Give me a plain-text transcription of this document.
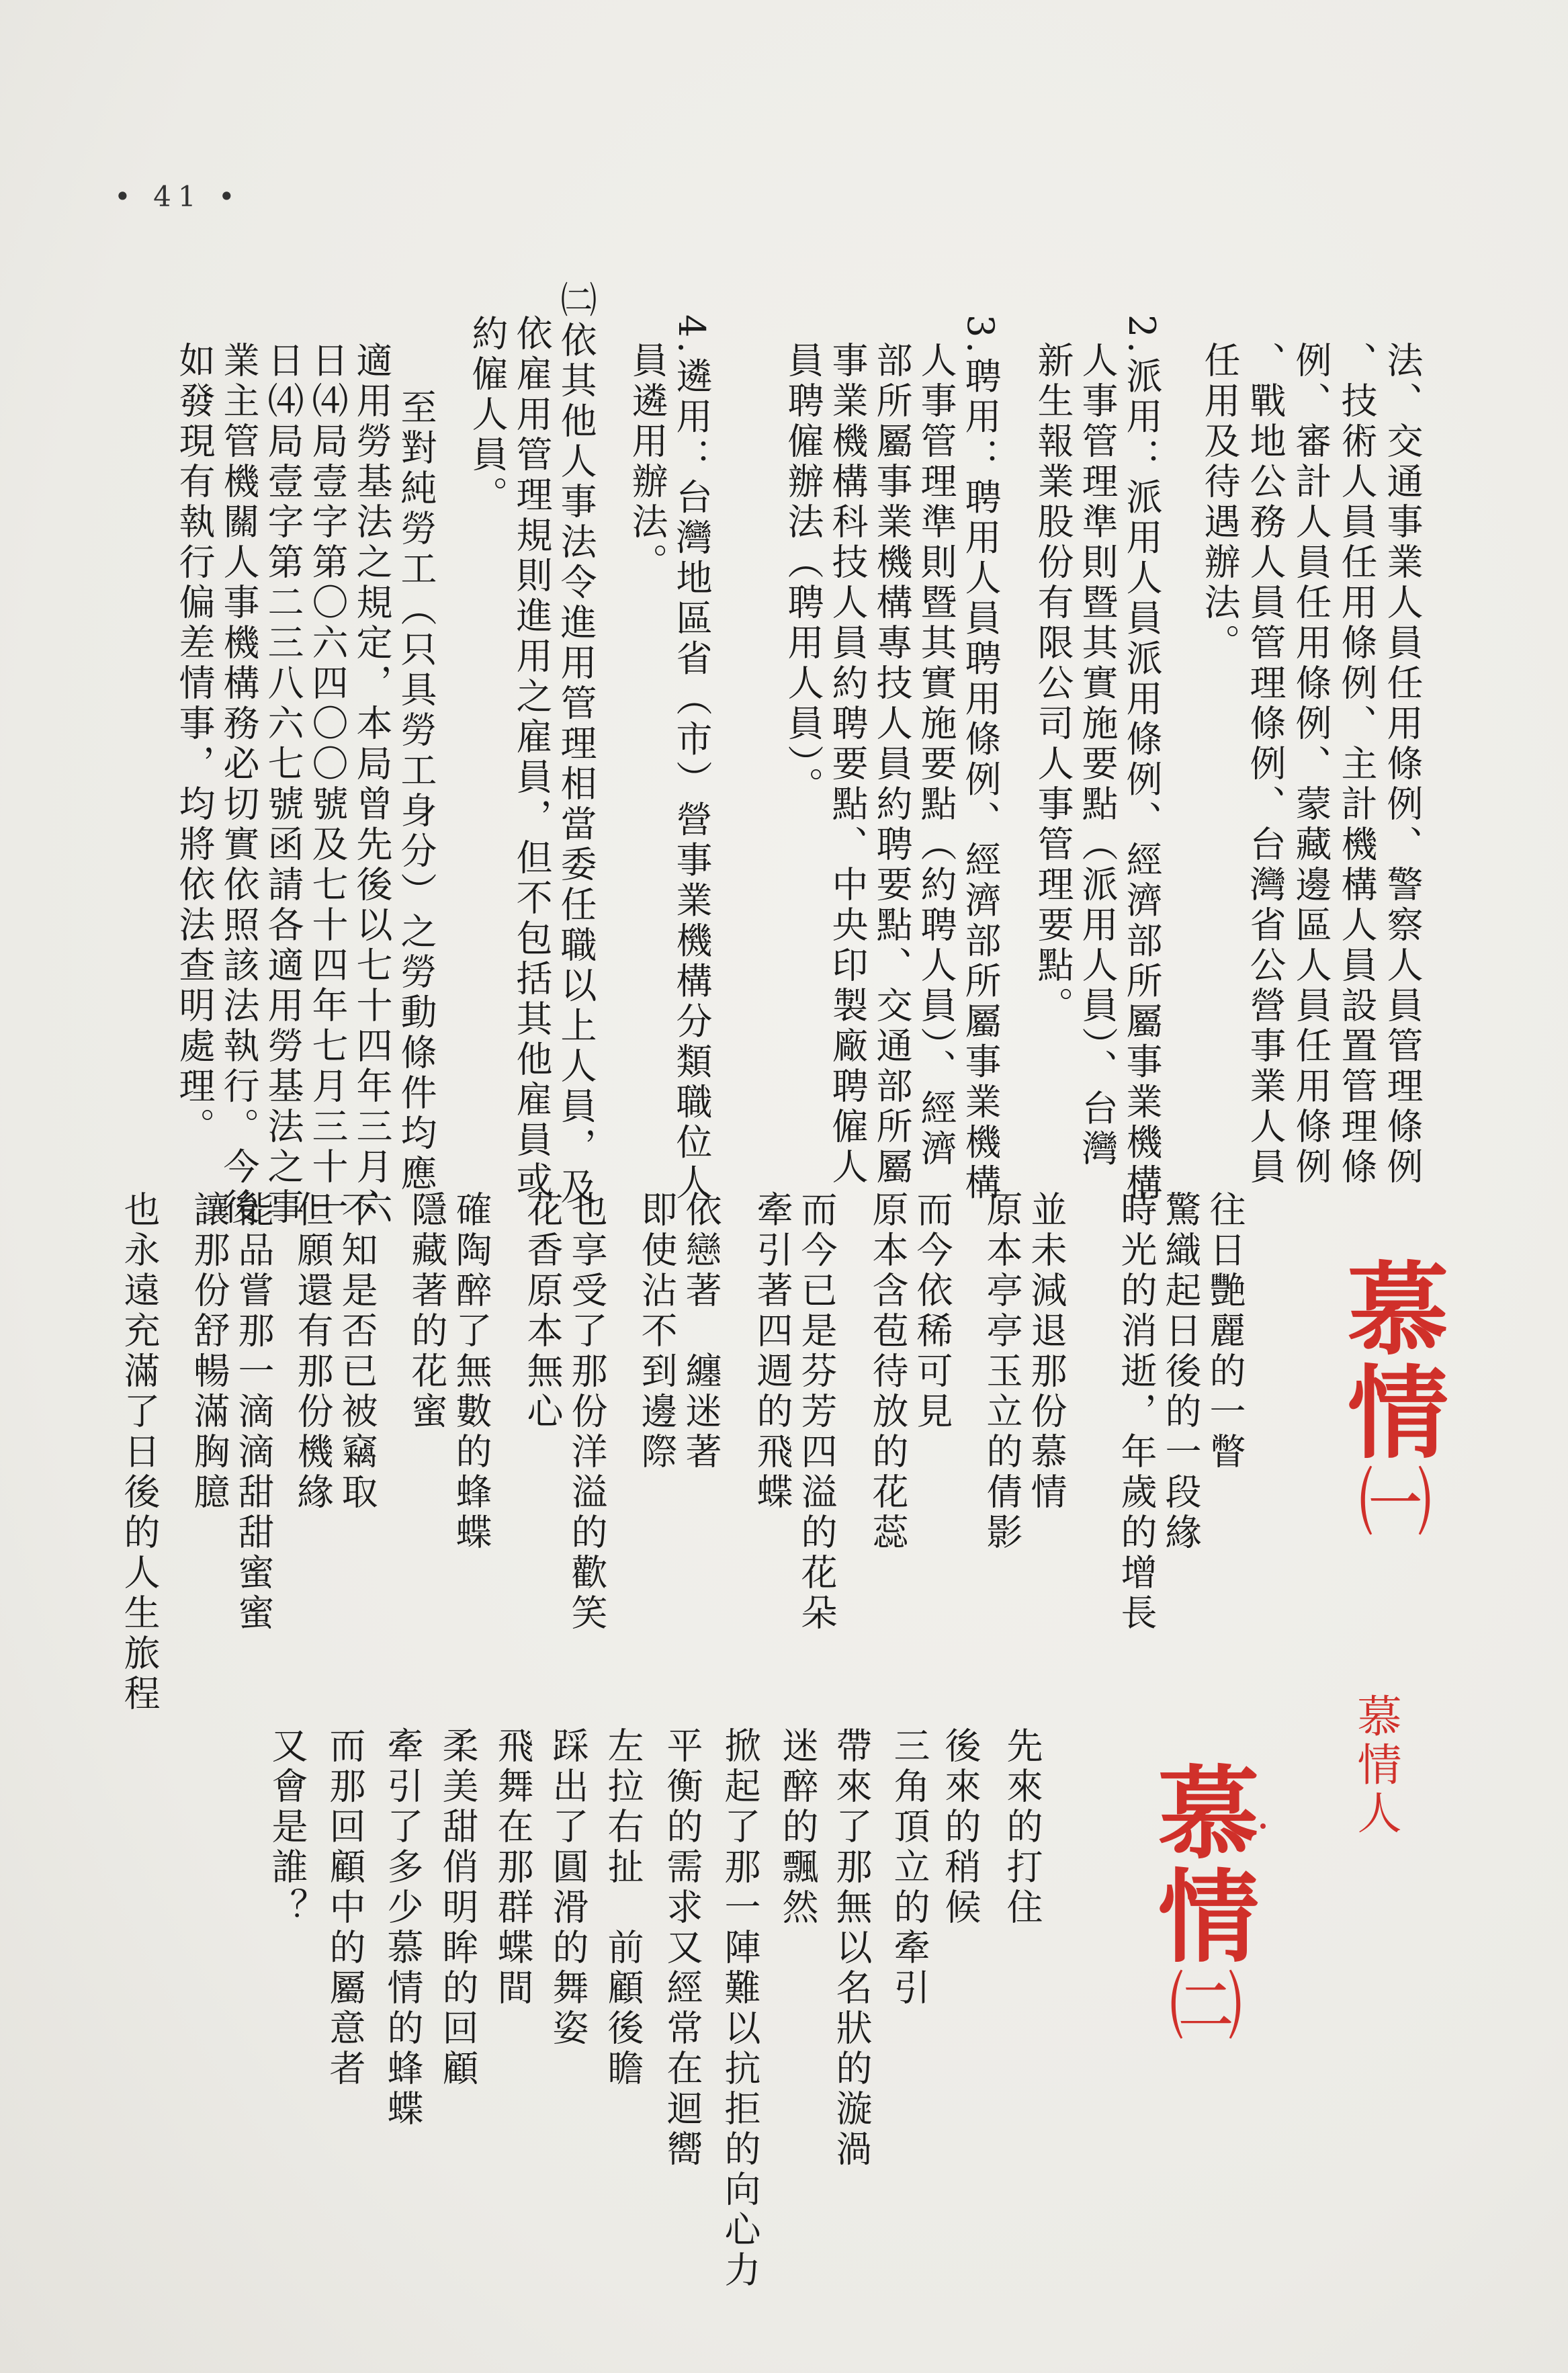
• 41 •
法、交通事業人員任用條例、警察人員管理條例
、技術人員任用條例、主計機構人員設置管理條
例、審計人員任用條例、蒙藏邊區人員任用條例
、戰地公務人員管理條例、台灣省公營事業人員
任用及待遇辦法。
2.派用：派用人員派用條例、經濟部所屬事業機構
人事管理準則暨其實施要點（派用人員）、台灣
新生報業股份有限公司人事管理要點。
3.聘用：聘用人員聘用條例、經濟部所屬事業機構
人事管理準則暨其實施要點（約聘人員）、經濟
部所屬事業機構專技人員約聘要點、交通部所屬
事業機構科技人員約聘要點、中央印製廠聘僱人
員聘僱辦法（聘用人員）。
4.遴用：台灣地區省（市）營事業機構分類職位人
員遴用辦法。
㈡依其他人事法令進用管理相當委任職以上人員，及
依雇用管理規則進用之雇員，但不包括其他雇員或
約僱人員。
至對純勞工（只具勞工身分）之勞動條件均應
適用勞基法之規定，本局曾先後以七十四年三月六
日⑷局壹字第〇六四〇〇號及七十四年七月三十一
日⑷局壹字第二三八六七號函請各適用勞基法之事
業主管機關人事機構務必切實依照該法執行。今後
如發現有執行偏差情事，均將依法查明處理。
慕情㈠
慕情人
往日艷麗的一瞥
驚織起日後的一段緣
時光的消逝，年歲的增長
並未減退那份慕情
原本亭亭玉立的倩影
而今依稀可見
原本含苞待放的花蕊
而今已是芬芳四溢的花朵
牽引著四週的飛蝶
依戀著　纏迷著
即使沾不到邊際
也享受了那份洋溢的歡笑
花香原本無心
確陶醉了無數的蜂蝶
隱藏著的花蜜
不知是否已被竊取
但願還有那份機緣
能品嘗那一滴滴甜甜蜜蜜
讓那份舒暢滿胸臆
也永遠充滿了日後的人生旅程
慕情㈡
先來的打住
後來的稍候
三角頂立的牽引
帶來了那無以名狀的漩渦
迷醉的飄然
掀起了那一陣難以抗拒的向心力
平衡的需求又經常在迴嚮
左拉右扯　前顧後瞻
踩出了圓滑的舞姿
飛舞在那群蝶間
柔美甜俏明眸的回顧
牽引了多少慕情的蜂蝶
而那回顧中的屬意者
又會是誰？
